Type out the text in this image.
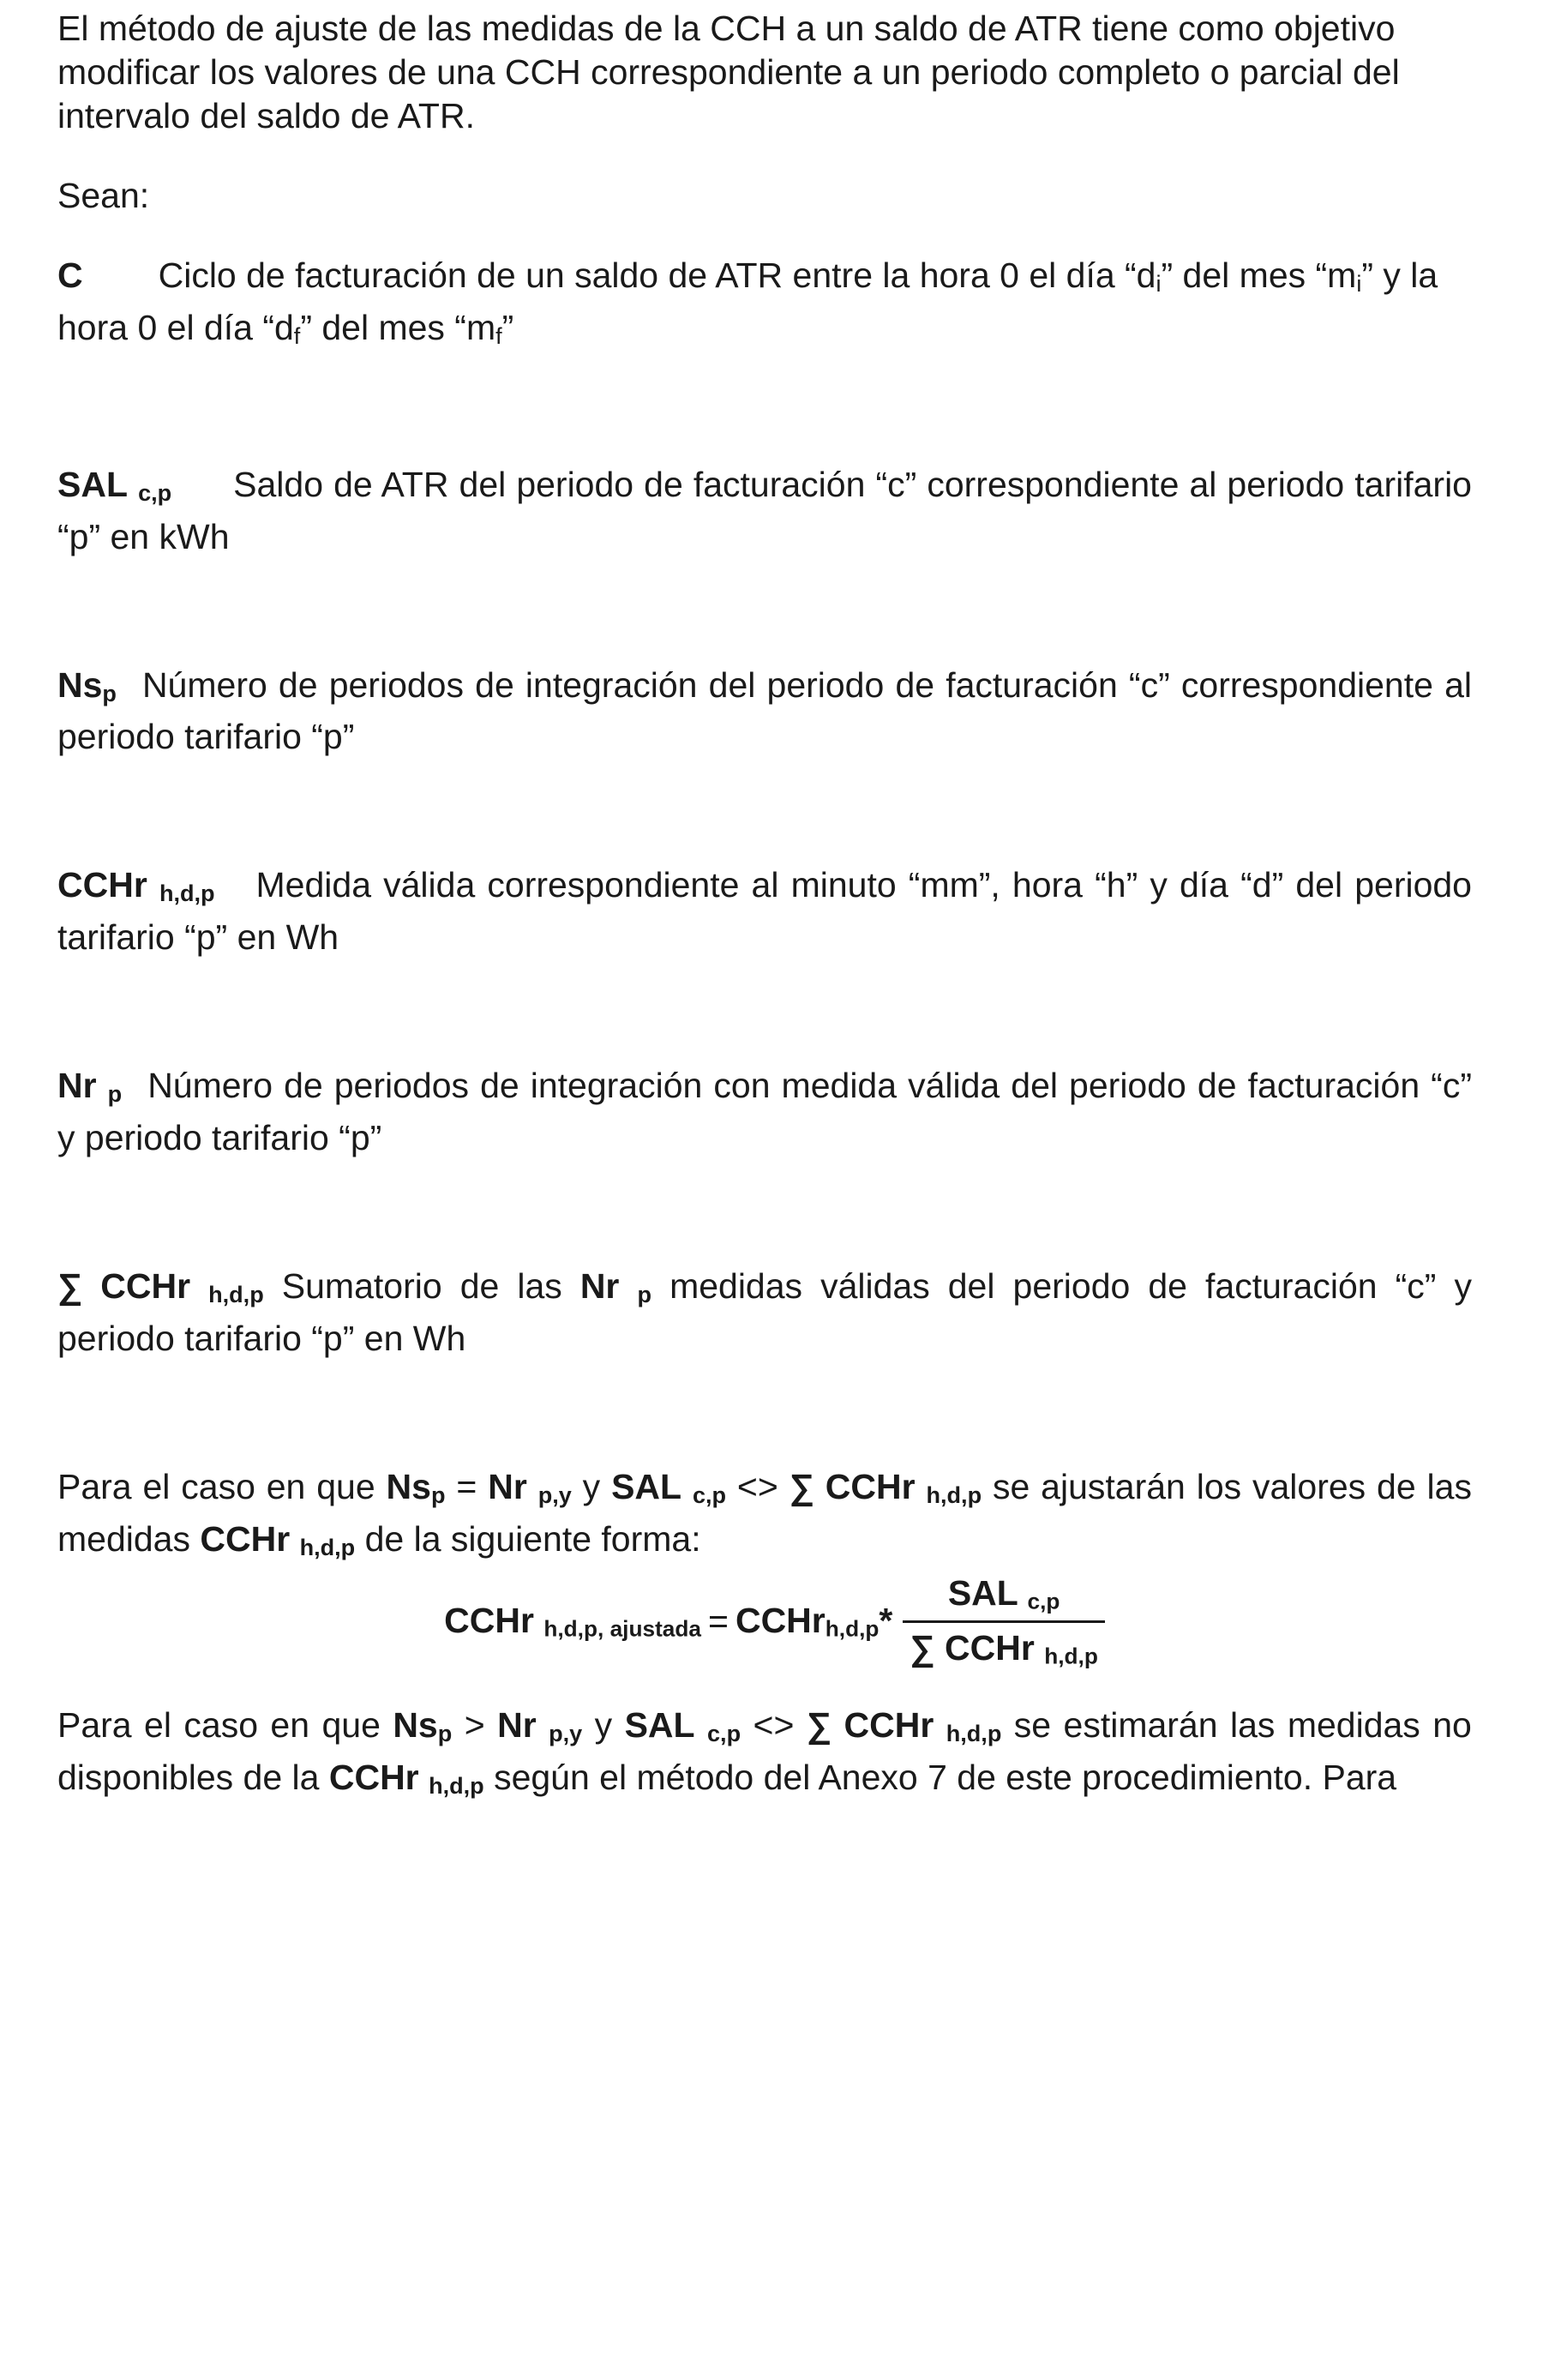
El método de ajuste de las medidas de la CCH a un saldo de ATR tiene como objetivo modificar los valores de una CCH correspondiente a un periodo completo o parcial del intervalo del saldo de ATR.

Sean:

C Ciclo de facturación de un saldo de ATR entre la hora 0 el día “di” del mes “mi” y la hora 0 el día “df” del mes “mf”

SAL c,p Saldo de ATR del periodo de facturación “c” correspondiente al periodo tarifario “p” en kWh

Nsp Número de periodos de integración del periodo de facturación “c” correspondiente al periodo tarifario “p”

CCHr h,d,p Medida válida correspondiente al minuto “mm”, hora “h” y día “d” del periodo tarifario “p” en Wh

Nr p Número de periodos de integración con medida válida del periodo de facturación “c” y periodo tarifario “p”

∑ CCHr h,d,p Sumatorio de las Nr p medidas válidas del periodo de facturación “c” y periodo tarifario “p” en Wh

Para el caso en que Nsp = Nr p,y y SAL c,p <> ∑ CCHr h,d,p se ajustarán los valores de las medidas CCHr h,d,p de la siguiente forma:

CCHr h,d,p, ajustada = CCHrh,d,p* $\frac{\text{SAL c,p}}{\text{∑ CCHr h,d,p}}$

Para el caso en que Nsp > Nr p,y y SAL c,p <> ∑ CCHr h,d,p se estimarán las medidas no disponibles de la CCHr h,d,p según el método del Anexo 7 de este procedimiento. Para
